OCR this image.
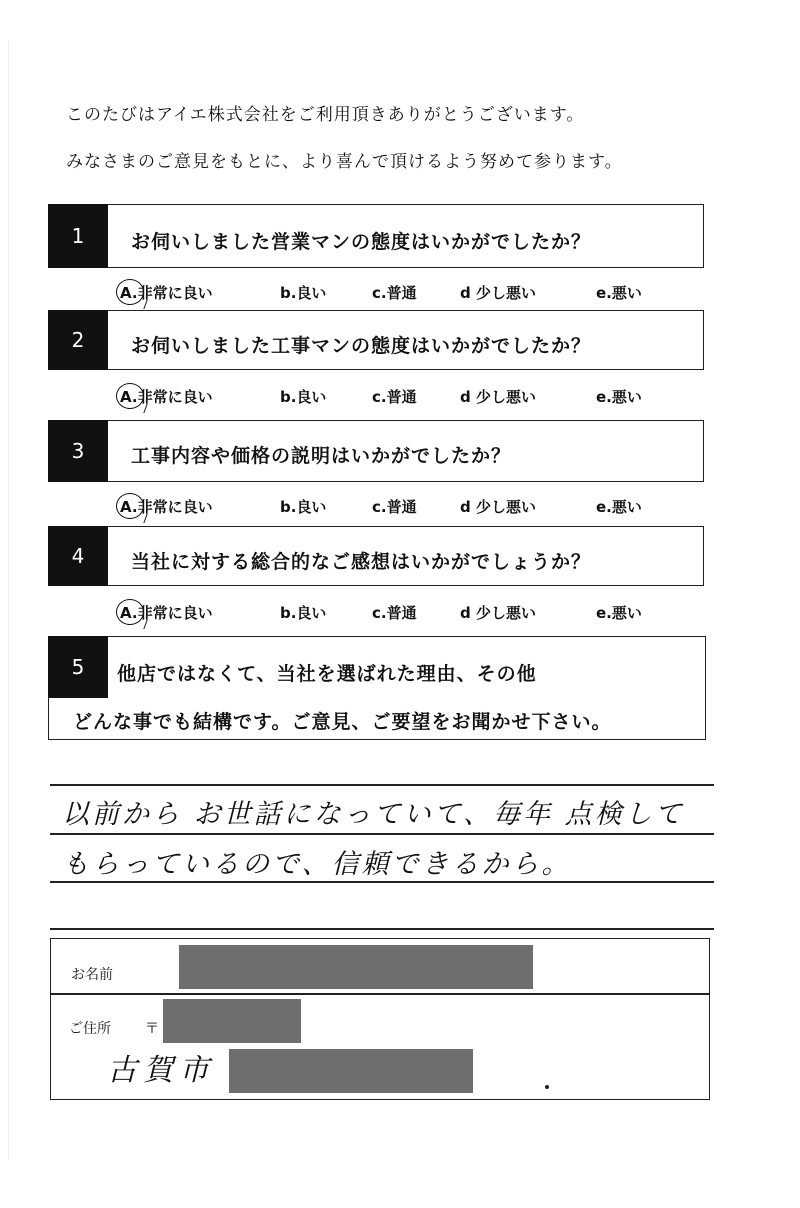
このたびはアイエ株式会社をご利用頂きありがとうございます。
みなさまのご意見をもとに、より喜んで頂けるよう努めて参ります。
1	お伺いしました営業マンの態度はいかがでしたか？
A.非常に良い	b.良い	c.普通	d 少し悪い	e.悪い
2	お伺いしました工事マンの態度はいかがでしたか？
A.非常に良い	b.良い	c.普通	d 少し悪い	e.悪い
3	工事内容や価格の説明はいかがでしたか？
A.非常に良い	b.良い	c.普通	d 少し悪い	e.悪い
4	当社に対する総合的なご感想はいかがでしょうか？
A.非常に良い	b.良い	c.普通	d 少し悪い	e.悪い
5	他店ではなくて、当社を選ばれた理由、その他
どんな事でも結構です。ご意見、ご要望をお聞かせ下さい。
以前から お世話になっていて、毎年 点検して
もらっているので、信頼できるから。
お名前
ご住所 〒
古賀市
